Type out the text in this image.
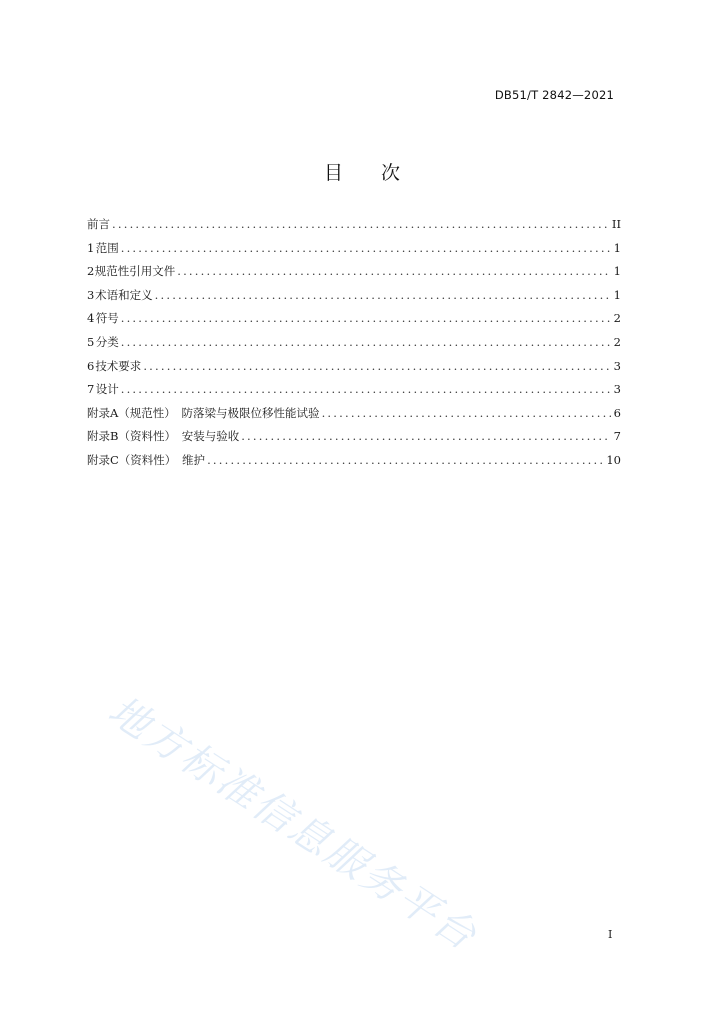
DB51/T 2842—2021
目 次
前言 .....	II
1 范围 .....	1
2 规范性引用文件 .....	1
3 术语和定义 .....	1
4 符号 .....	2
5 分类 .....	2
6 技术要求 .....	3
7 设计 .....	3
附录A（规范性）　防落梁与极限位移性能试验 .....	6
附录B（资料性）　安装与验收 .....	7
附录C（资料性）　维护 .....	10
地方标准信息服务平台	I
